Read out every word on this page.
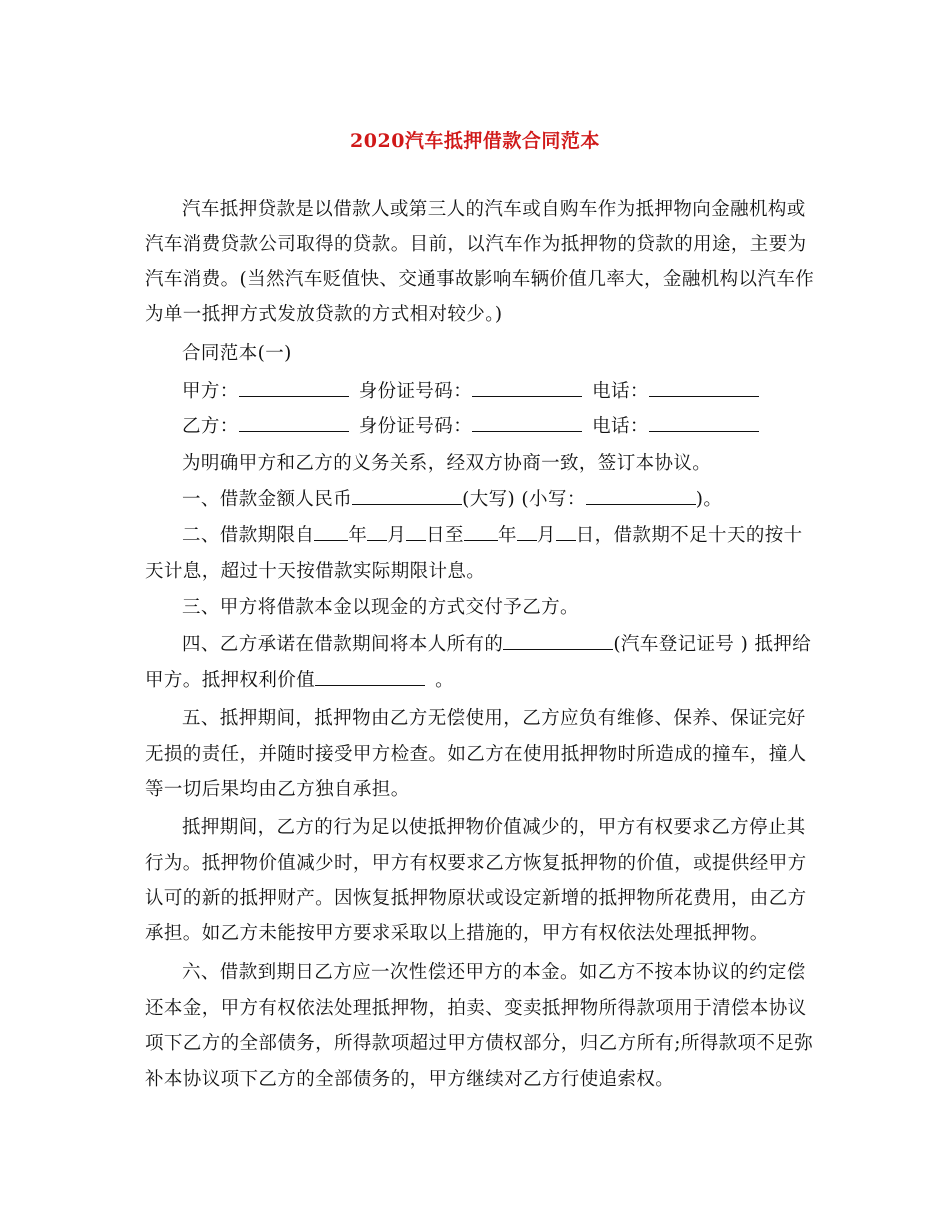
2020汽车抵押借款合同范本
汽车抵押贷款是以借款人或第三人的汽车或自购车作为抵押物向金融机构或
汽车消费贷款公司取得的贷款。目前，以汽车作为抵押物的贷款的用途，主要为
汽车消费。(当然汽车贬值快、交通事故影响车辆价值几率大，金融机构以汽车作
为单一抵押方式发放贷款的方式相对较少。)
合同范本(一)
甲方：	身份证号码：	电话：
乙方：	身份证号码：	电话：
为明确甲方和乙方的义务关系，经双方协商一致，签订本协议。
一、借款金额人民币	(大写) (小写：	)。
二、借款期限自 年 月 日至 年 月 日，借款期不足十天的按十
天计息，超过十天按借款实际期限计息。
三、甲方将借款本金以现金的方式交付予乙方。
四、乙方承诺在借款期间将本人所有的	(汽车登记证号 ) 抵押给
甲方。抵押权利价值	。
五、抵押期间，抵押物由乙方无偿使用，乙方应负有维修、保养、保证完好
无损的责任，并随时接受甲方检查。如乙方在使用抵押物时所造成的撞车，撞人
等一切后果均由乙方独自承担。
抵押期间，乙方的行为足以使抵押物价值减少的，甲方有权要求乙方停止其
行为。抵押物价值减少时，甲方有权要求乙方恢复抵押物的价值，或提供经甲方
认可的新的抵押财产。因恢复抵押物原状或设定新增的抵押物所花费用，由乙方
承担。如乙方未能按甲方要求采取以上措施的，甲方有权依法处理抵押物。
六、借款到期日乙方应一次性偿还甲方的本金。如乙方不按本协议的约定偿
还本金，甲方有权依法处理抵押物，拍卖、变卖抵押物所得款项用于清偿本协议
项下乙方的全部债务，所得款项超过甲方债权部分，归乙方所有;所得款项不足弥
补本协议项下乙方的全部债务的，甲方继续对乙方行使追索权。
